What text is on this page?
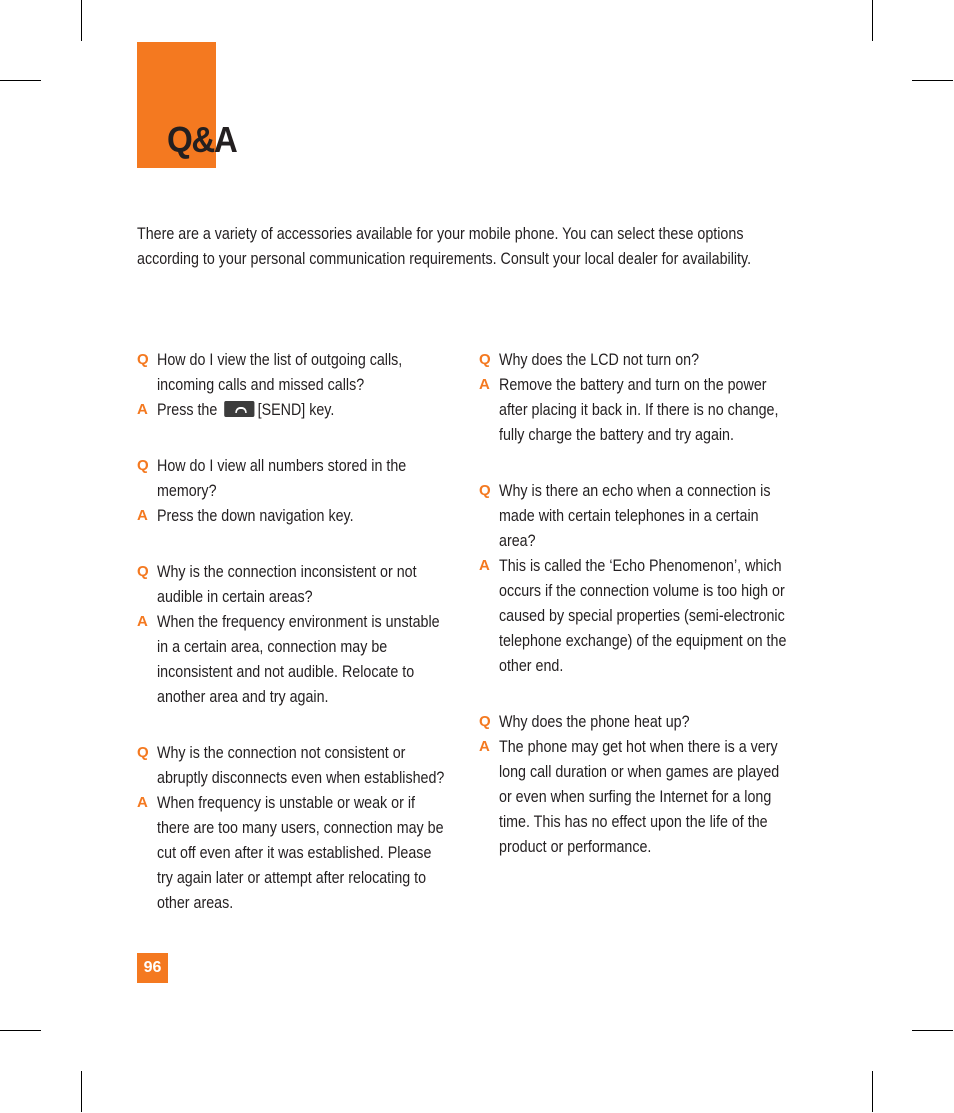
Q&A

There are a variety of accessories available for your mobile phone. You can select these options according to your personal communication requirements. Consult your local dealer for availability.

Q How do I view the list of outgoing calls, incoming calls and missed calls?
A Press the [SEND] key.
Q How do I view all numbers stored in the memory?
A Press the down navigation key.
Q Why is the connection inconsistent or not audible in certain areas?
A When the frequency environment is unstable in a certain area, connection may be inconsistent and not audible. Relocate to another area and try again.
Q Why is the connection not consistent or abruptly disconnects even when established?
A When frequency is unstable or weak or if there are too many users, connection may be cut off even after it was established. Please try again later or attempt after relocating to other areas.
Q Why does the LCD not turn on?
A Remove the battery and turn on the power after placing it back in. If there is no change, fully charge the battery and try again.
Q Why is there an echo when a connection is made with certain telephones in a certain area?
A This is called the ‘Echo Phenomenon’, which occurs if the connection volume is too high or caused by special properties (semi-electronic telephone exchange) of the equipment on the other end.
Q Why does the phone heat up?
A The phone may get hot when there is a very long call duration or when games are played or even when surfing the Internet for a long time. This has no effect upon the life of the product or performance.
96
